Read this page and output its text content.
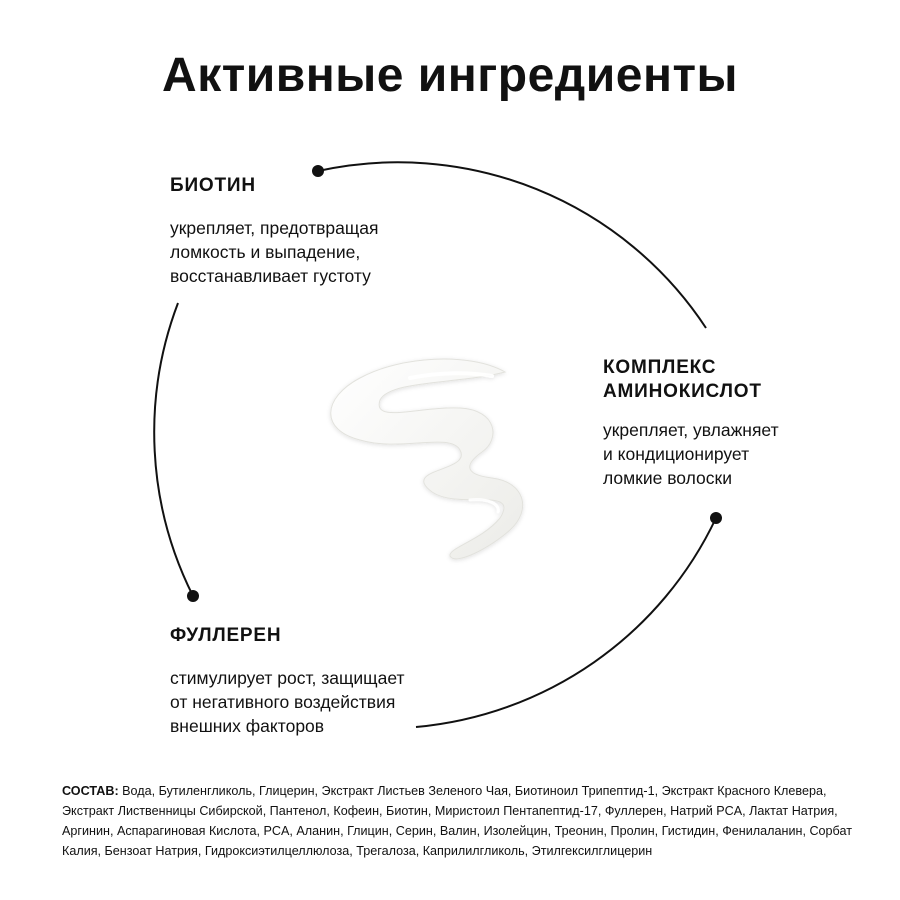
Активные ингредиенты

БИОТИН

укрепляет, предотвращая
ломкость и выпадение,
восстанавливает густоту

КОМПЛЕКС
АМИНОКИСЛОТ

укрепляет, увлажняет
и кондиционирует
ломкие волоски

ФУЛЛЕРЕН

стимулирует рост, защищает
от негативного воздействия
внешних факторов

СОСТАВ: Вода, Бутиленгликоль, Глицерин, Экстракт Листьев Зеленого Чая, Биотиноил Трипептид-1, Экстракт Красного Клевера, Экстракт Лиственницы Сибирской, Пантенол, Кофеин, Биотин, Миристоил Пентапептид-17, Фуллерен, Натрий PCA, Лактат Натрия, Аргинин, Аспарагиновая Кислота, PCA, Аланин, Глицин, Серин, Валин, Изолейцин, Треонин, Пролин, Гистидин, Фенилаланин, Сорбат Калия, Бензоат Натрия, Гидроксиэтилцеллюлоза, Трегалоза, Каприлилгликоль, Этилгексилглицерин
